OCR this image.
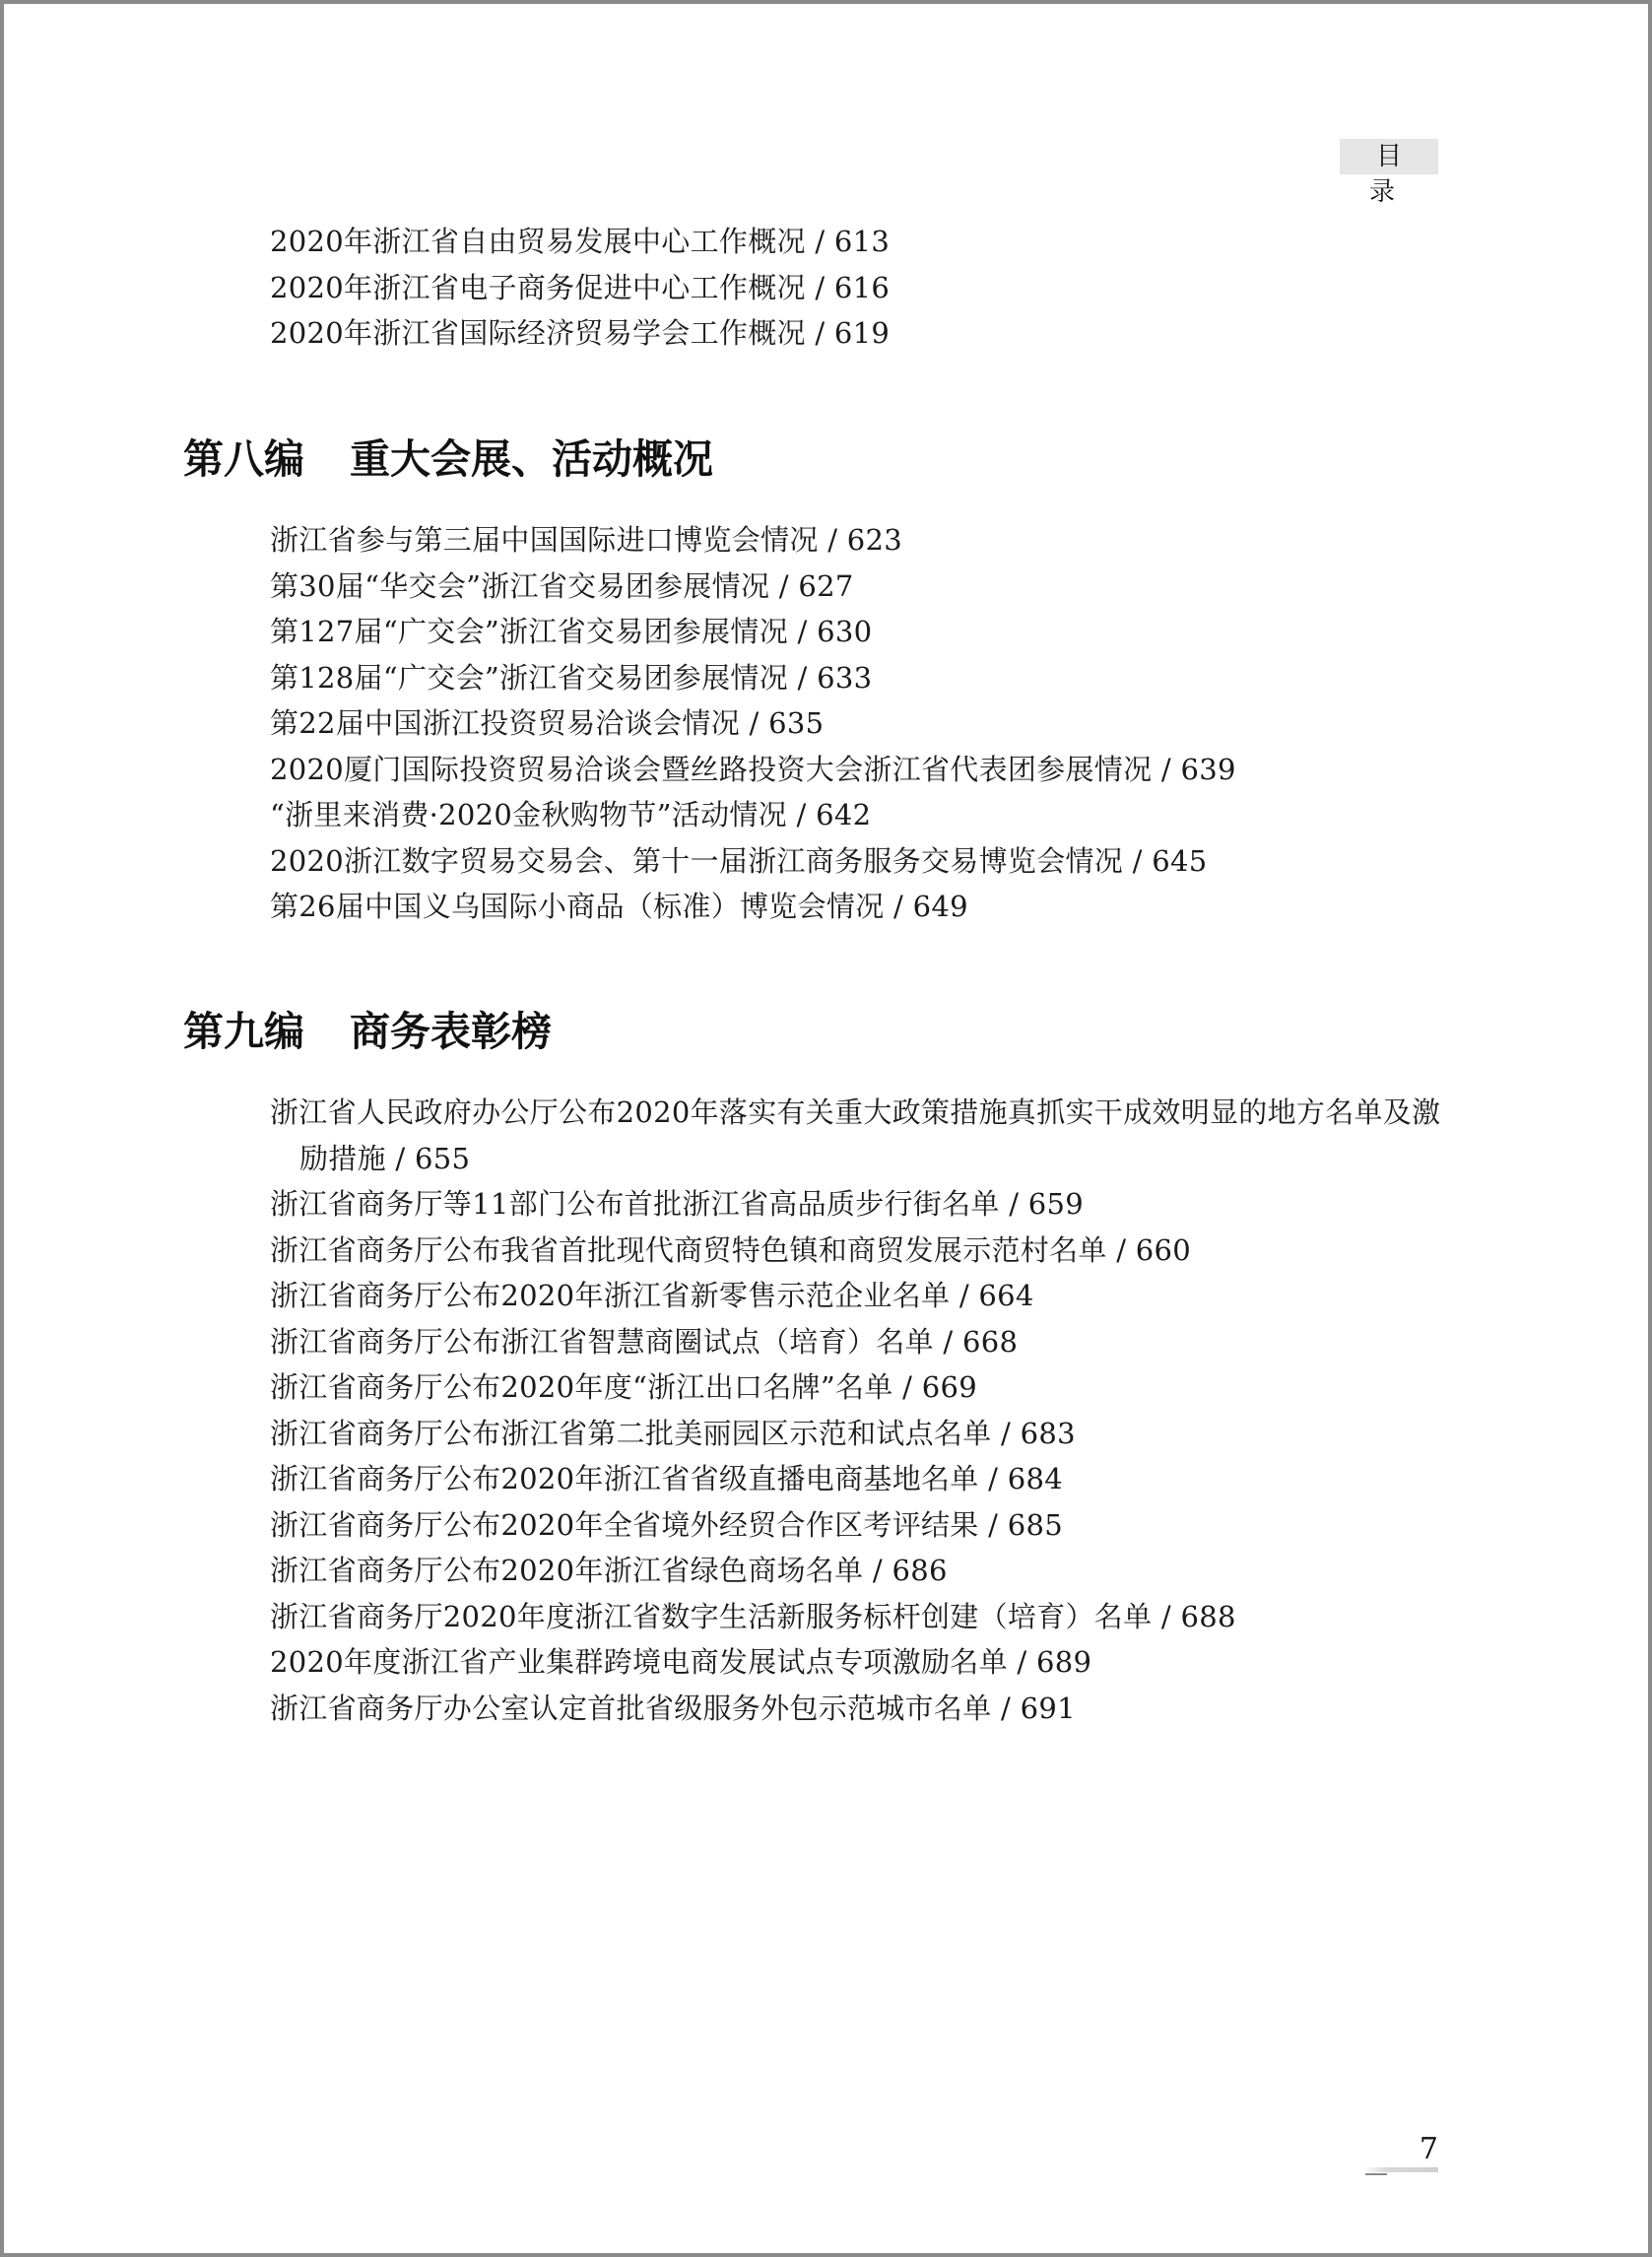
目 录
2020年浙江省自由贸易发展中心工作概况 / 613
2020年浙江省电子商务促进中心工作概况 / 616
2020年浙江省国际经济贸易学会工作概况 / 619
第八编 重大会展、活动概况
浙江省参与第三届中国国际进口博览会情况 / 623
第30届“华交会”浙江省交易团参展情况 / 627
第127届“广交会”浙江省交易团参展情况 / 630
第128届“广交会”浙江省交易团参展情况 / 633
第22届中国浙江投资贸易洽谈会情况 / 635
2020厦门国际投资贸易洽谈会暨丝路投资大会浙江省代表团参展情况 / 639
“浙里来消费·2020金秋购物节”活动情况 / 642
2020浙江数字贸易交易会、第十一届浙江商务服务交易博览会情况 / 645
第26届中国义乌国际小商品（标准）博览会情况 / 649
第九编 商务表彰榜
浙江省人民政府办公厅公布2020年落实有关重大政策措施真抓实干成效明显的地方名单及激
励措施 / 655
浙江省商务厅等11部门公布首批浙江省高品质步行街名单 / 659
浙江省商务厅公布我省首批现代商贸特色镇和商贸发展示范村名单 / 660
浙江省商务厅公布2020年浙江省新零售示范企业名单 / 664
浙江省商务厅公布浙江省智慧商圈试点（培育）名单 / 668
浙江省商务厅公布2020年度“浙江出口名牌”名单 / 669
浙江省商务厅公布浙江省第二批美丽园区示范和试点名单 / 683
浙江省商务厅公布2020年浙江省省级直播电商基地名单 / 684
浙江省商务厅公布2020年全省境外经贸合作区考评结果 / 685
浙江省商务厅公布2020年浙江省绿色商场名单 / 686
浙江省商务厅2020年度浙江省数字生活新服务标杆创建（培育）名单 / 688
2020年度浙江省产业集群跨境电商发展试点专项激励名单 / 689
浙江省商务厅办公室认定首批省级服务外包示范城市名单 / 691
7
